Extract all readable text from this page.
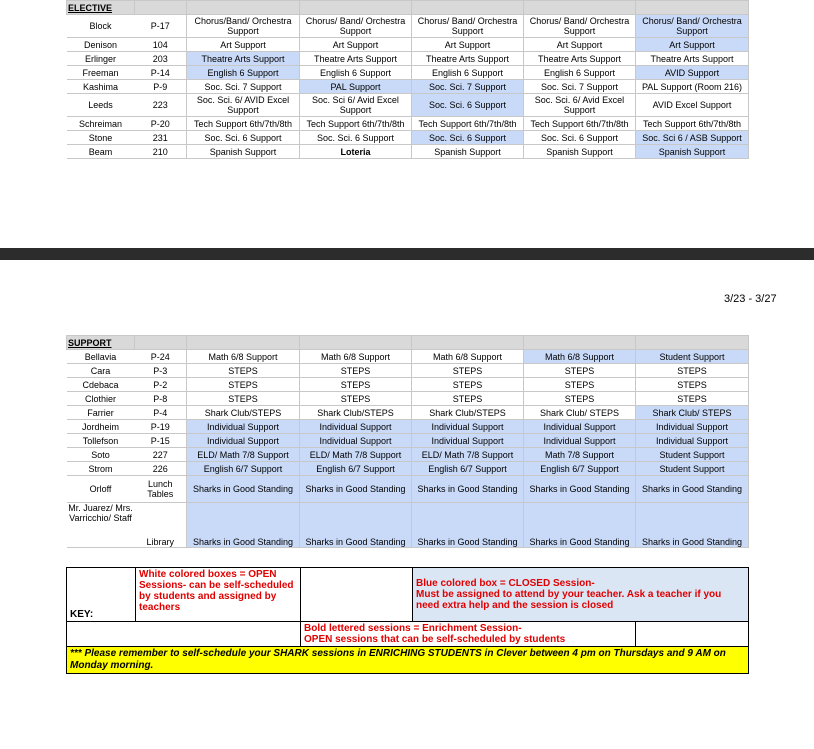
ELECTIVE						
Block	P-17	Chorus/Band/ Orchestra Support	Chorus/ Band/ Orchestra Support	Chorus/ Band/ Orchestra Support	Chorus/ Band/ Orchestra Support	Chorus/ Band/ Orchestra Support
Denison	104	Art Support	Art Support	Art Support	Art Support	Art Support
Erlinger	203	Theatre Arts Support	Theatre Arts Support	Theatre Arts Support	Theatre Arts Support	Theatre Arts Support
Freeman	P-14	English 6 Support	English 6 Support	English 6 Support	English 6 Support	AVID Support
Kashima	P-9	Soc. Sci. 7 Support	PAL Support	Soc. Sci. 7 Support	Soc. Sci. 7 Support	PAL Support (Room 216)
Leeds	223	Soc. Sci. 6/ AVID Excel Support	Soc. Sci 6/ Avid Excel Support	Soc. Sci. 6 Support	Soc. Sci. 6/ Avid Excel Support	AVID Excel Support
Schreiman	P-20	Tech Support 6th/7th/8th	Tech Support 6th/7th/8th	Tech Support 6th/7th/8th	Tech Support 6th/7th/8th	Tech Support 6th/7th/8th
Stone	231	Soc. Sci. 6 Support	Soc. Sci. 6 Support	Soc. Sci. 6 Support	Soc. Sci. 6 Support	Soc. Sci 6 / ASB Support
Beam	210	Spanish Support	Loteria	Spanish Support	Spanish Support	Spanish Support
3/23 - 3/27
SUPPORT						
Bellavia	P-24	Math 6/8 Support	Math 6/8 Support	Math 6/8 Support	Math 6/8 Support	Student Support
Cara	P-3	STEPS	STEPS	STEPS	STEPS	STEPS
Cdebaca	P-2	STEPS	STEPS	STEPS	STEPS	STEPS
Clothier	P-8	STEPS	STEPS	STEPS	STEPS	STEPS
Farrier	P-4	Shark Club/STEPS	Shark Club/STEPS	Shark Club/STEPS	Shark Club/ STEPS	Shark Club/ STEPS
Jordheim	P-19	Individual Support	Individual Support	Individual Support	Individual Support	Individual Support
Tollefson	P-15	Individual Support	Individual Support	Individual Support	Individual Support	Individual Support
Soto	227	ELD/ Math 7/8 Support	ELD/ Math 7/8 Support	ELD/ Math 7/8 Support	Math 7/8 Support	Student Support
Strom	226	English 6/7 Support	English 6/7 Support	English 6/7 Support	English 6/7 Support	Student Support
Orloff	Lunch Tables	Sharks in Good Standing	Sharks in Good Standing	Sharks in Good Standing	Sharks in Good Standing	Sharks in Good Standing
Mr. Juarez/ Mrs. Varricchio/ Staff	Library	Sharks in Good Standing	Sharks in Good Standing	Sharks in Good Standing	Sharks in Good Standing	Sharks in Good Standing
KEY:	White colored boxes = OPEN Sessions- can be self-scheduled by students and assigned by teachers		Blue colored box = CLOSED Session-
Must be assigned to attend by your teacher. Ask a teacher if you need extra help and the session is closed	

		Bold lettered sessions = Enrichment Session-
OPEN sessions that can be self-scheduled by students		

*** Please remember to self-schedule your SHARK sessions in ENRICHING STUDENTS in Clever between 4 pm on Thursdays and 9 AM on Monday morning.				
